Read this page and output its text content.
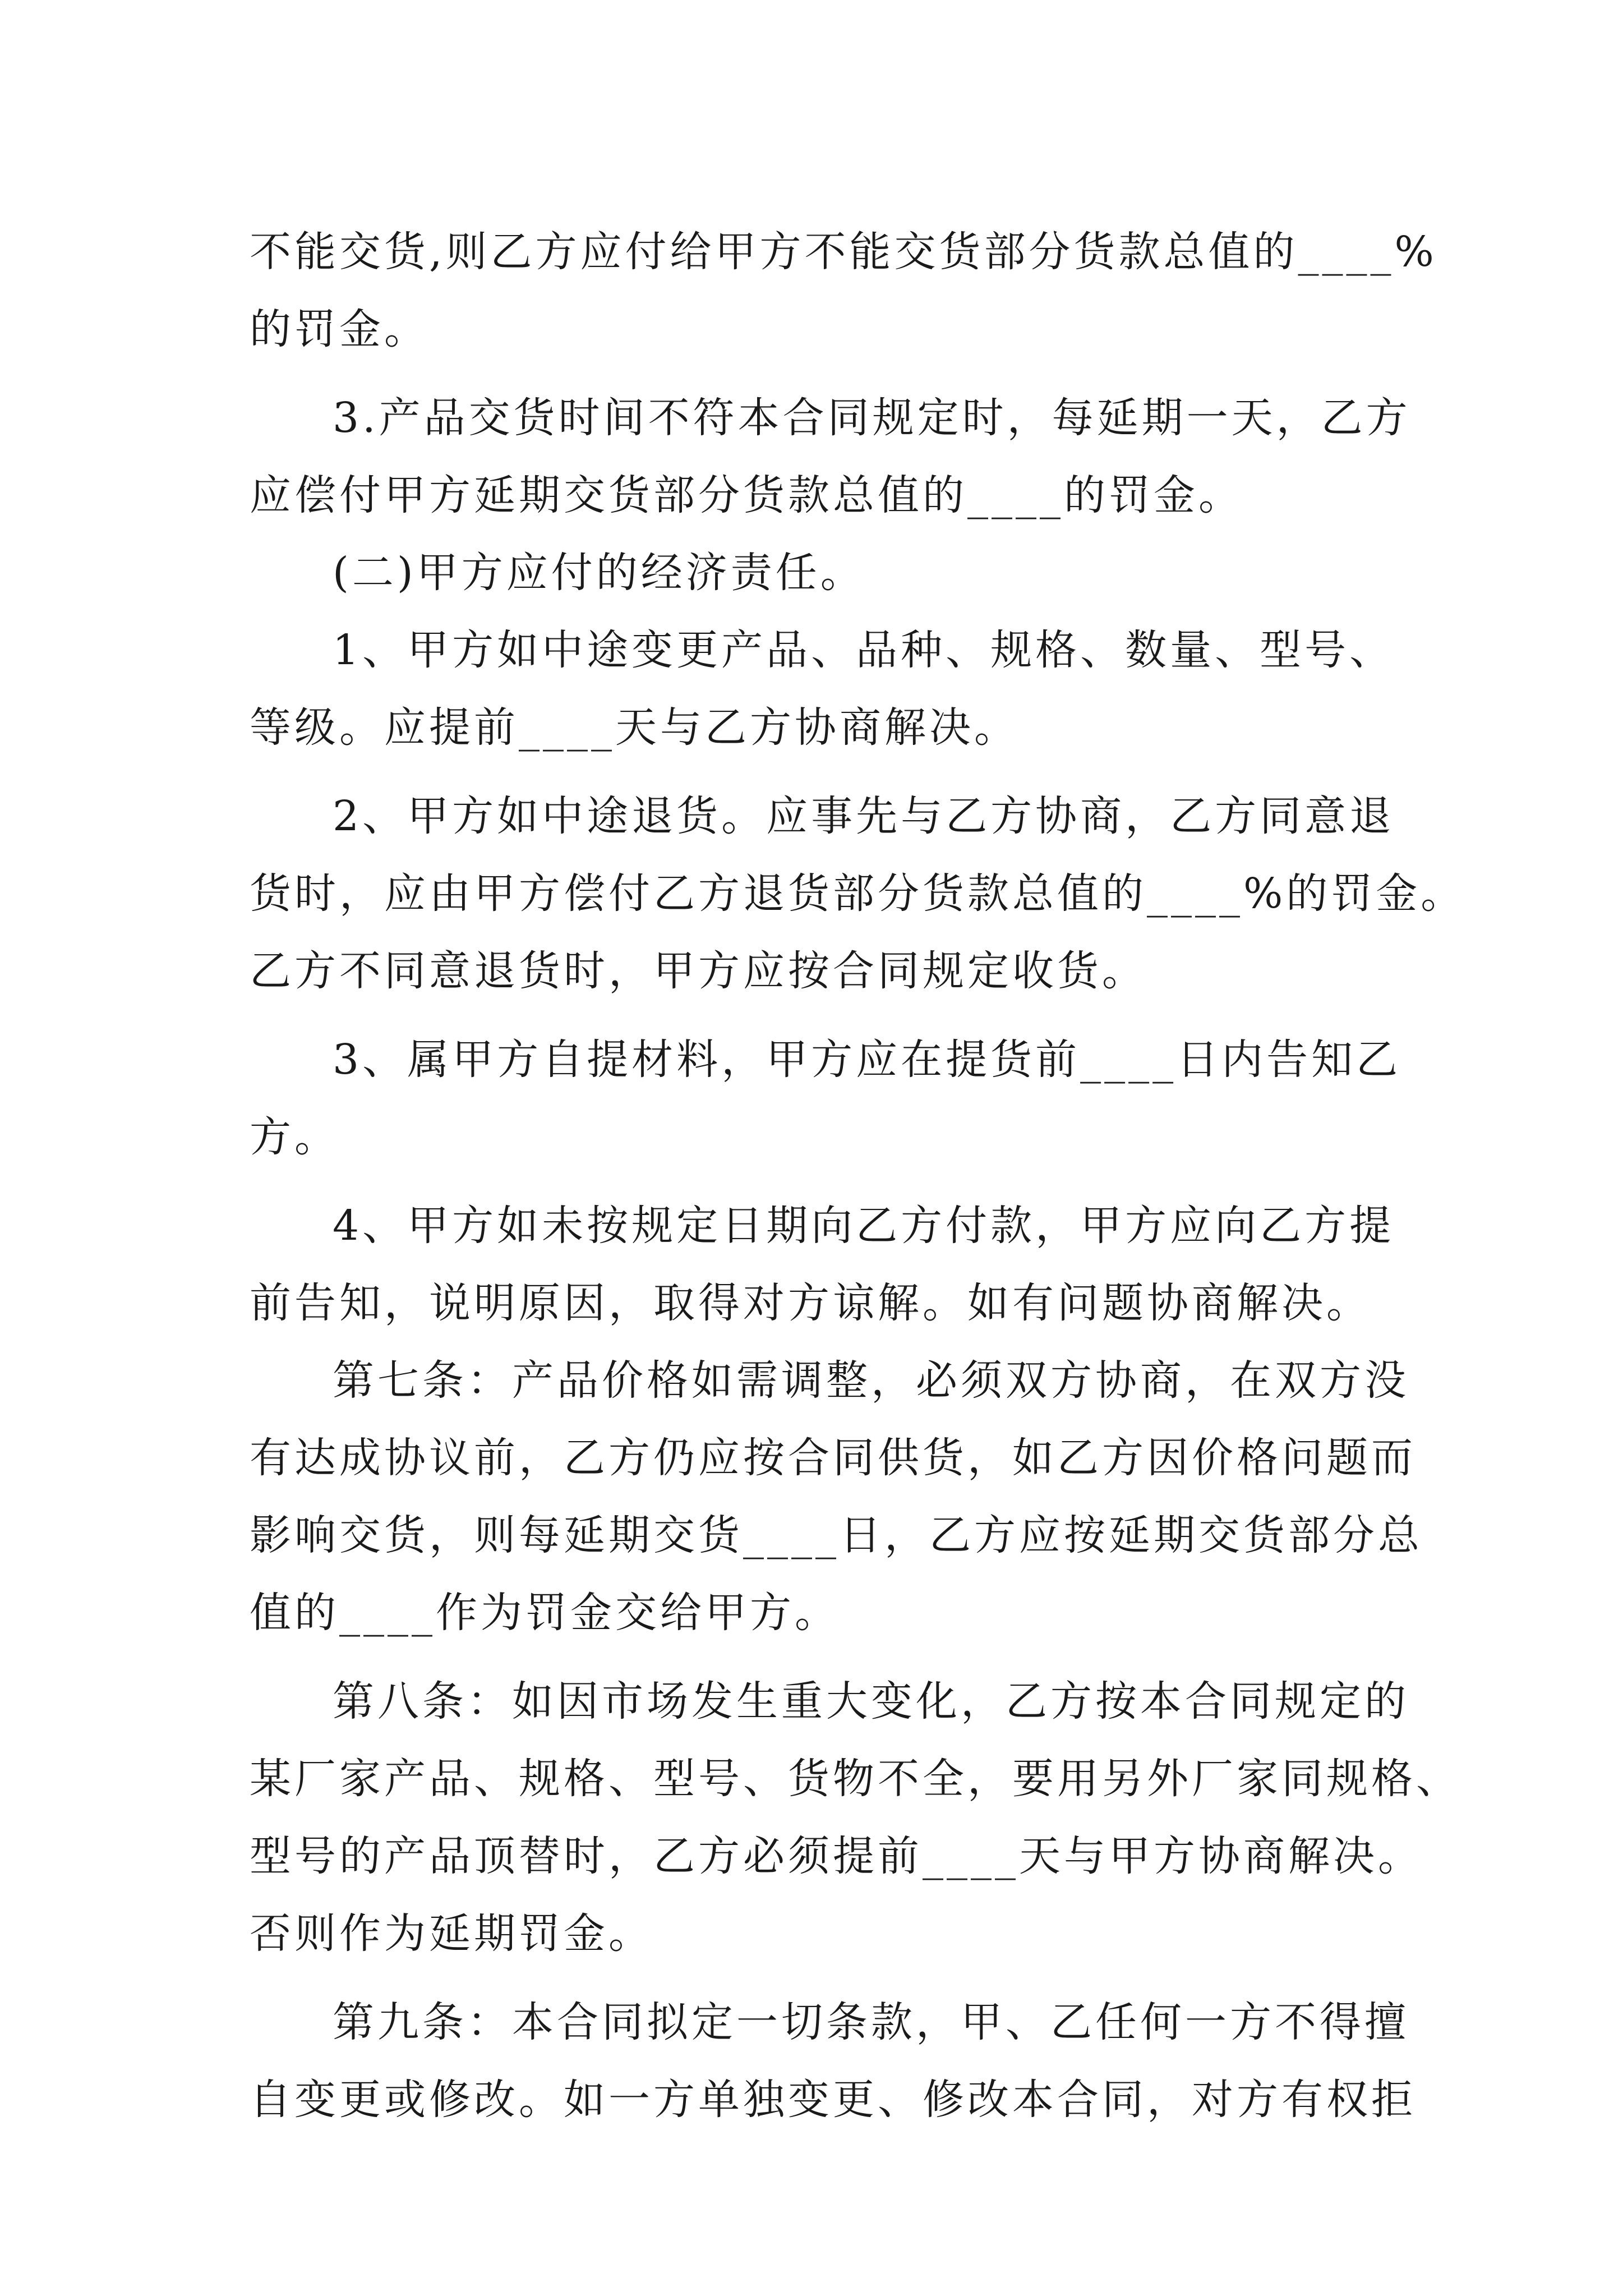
不能交货,则乙方应付给甲方不能交货部分货款总值的____%
的罚金。
3.产品交货时间不符本合同规定时，每延期一天，乙方
应偿付甲方延期交货部分货款总值的____的罚金。
(二)甲方应付的经济责任。
1、甲方如中途变更产品、品种、规格、数量、型号、
等级。应提前____天与乙方协商解决。
2、甲方如中途退货。应事先与乙方协商，乙方同意退
货时，应由甲方偿付乙方退货部分货款总值的____%的罚金。
乙方不同意退货时，甲方应按合同规定收货。
3、属甲方自提材料，甲方应在提货前____日内告知乙
方。
4、甲方如未按规定日期向乙方付款，甲方应向乙方提
前告知，说明原因，取得对方谅解。如有问题协商解决。
第七条：产品价格如需调整，必须双方协商，在双方没
有达成协议前，乙方仍应按合同供货，如乙方因价格问题而
影响交货，则每延期交货____日，乙方应按延期交货部分总
值的____作为罚金交给甲方。
第八条：如因市场发生重大变化，乙方按本合同规定的
某厂家产品、规格、型号、货物不全，要用另外厂家同规格、
型号的产品顶替时，乙方必须提前____天与甲方协商解决。
否则作为延期罚金。
第九条：本合同拟定一切条款，甲、乙任何一方不得擅
自变更或修改。如一方单独变更、修改本合同，对方有权拒
